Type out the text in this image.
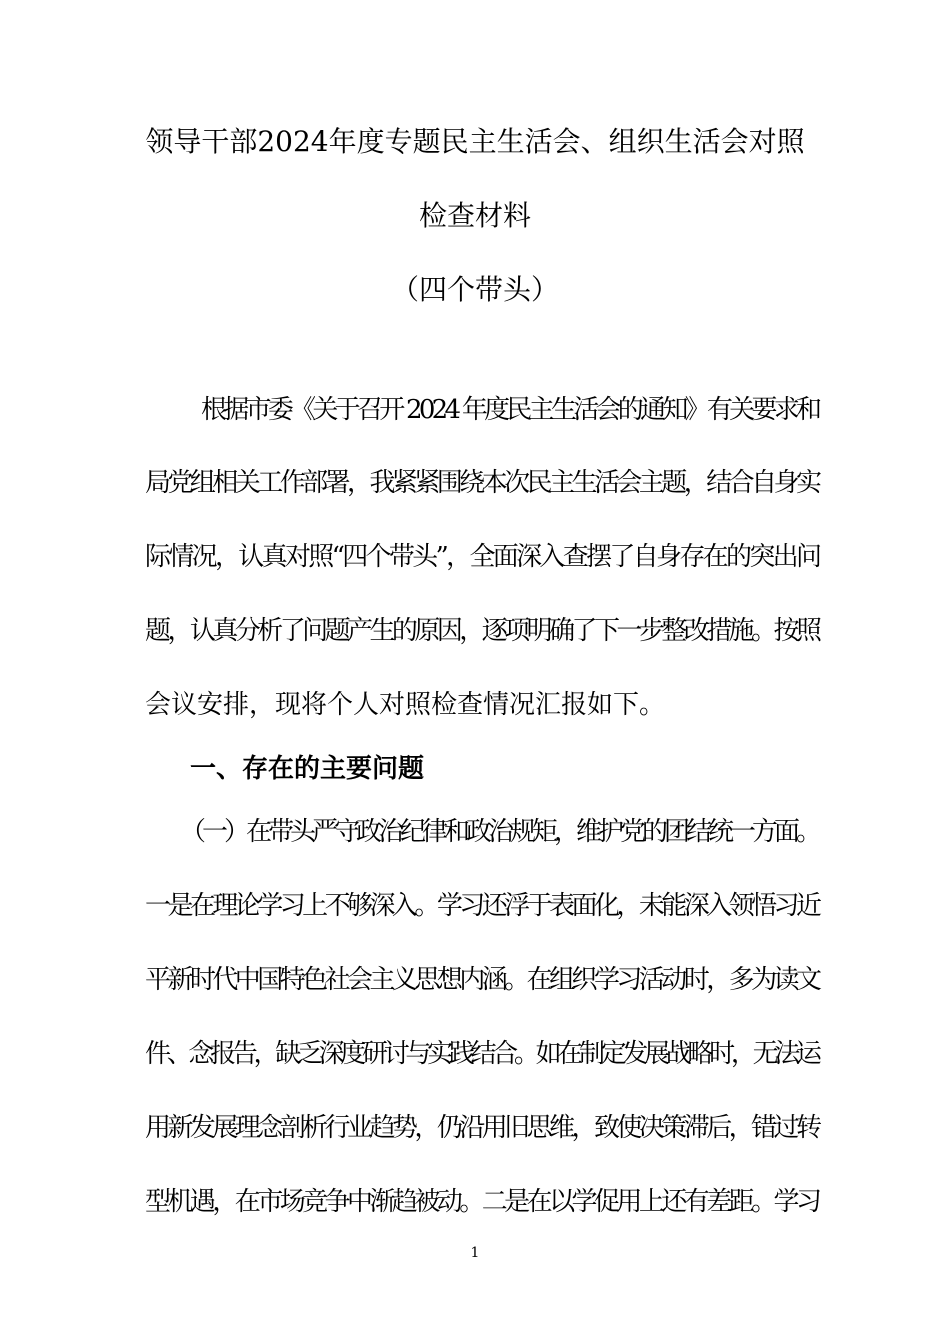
领导干部2024年度专题民主生活会、组织生活会对照
检查材料
（四个带头）
根据市委《关于召开 2024 年度民主生活会的通知》有关要求和
局党组相关工作部署，我紧紧围绕本次民主生活会主题，结合自身实
际情况，认真对照“四个带头”，全面深入查摆了自身存在的突出问
题，认真分析了问题产生的原因，逐项明确了下一步整改措施。按照
会议安排，现将个人对照检查情况汇报如下。
一、存在的主要问题
（一）在带头严守政治纪律和政治规矩，维护党的团结统一方面。
一是在理论学习上不够深入。学习还浮于表面化，未能深入领悟习近
平新时代中国特色社会主义思想内涵。在组织学习活动时，多为读文
件、念报告，缺乏深度研讨与实践结合。如在制定发展战略时，无法运
用新发展理念剖析行业趋势，仍沿用旧思维，致使决策滞后，错过转
型机遇，在市场竞争中渐趋被动。二是在以学促用上还有差距。学习
1
